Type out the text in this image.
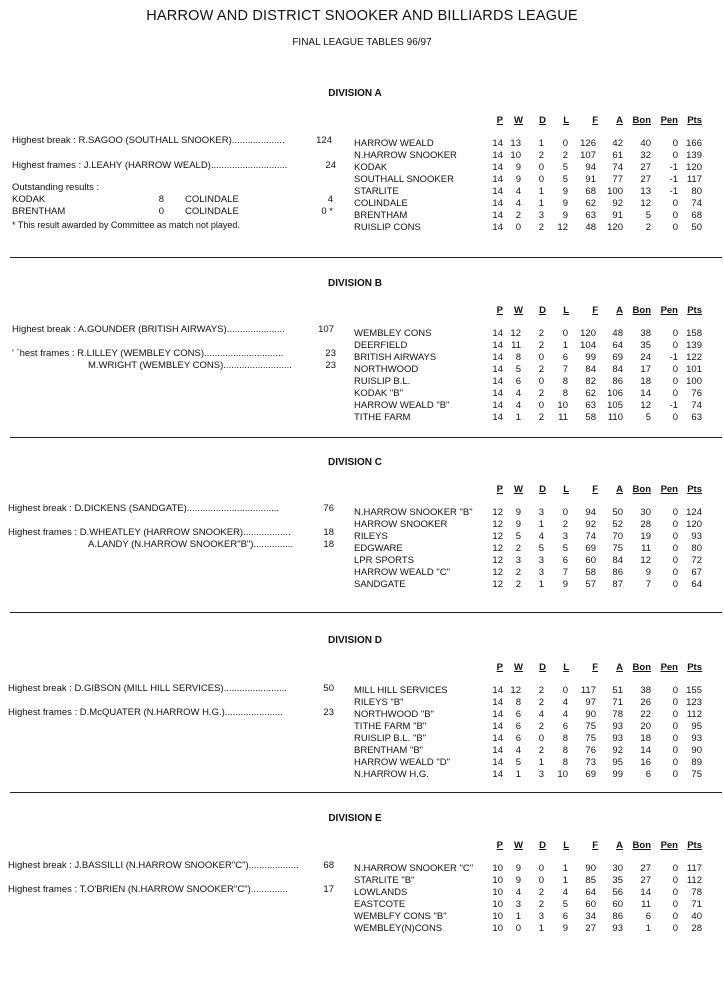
HARROW AND DISTRICT SNOOKER AND BILLIARDS LEAGUE
FINAL LEAGUE TABLES 96/97
DIVISION A
P W D L F A Bon Pen Pts
HARROW WEALD	14 13 1 0 126 42 40 0 166
N.HARROW SNOOKER	14 10 2 2 107 61 32 0 139
KODAK	14 9 0 5 94 74 27 -1 120
SOUTHALL SNOOKER	14 9 0 5 91 77 27 -1 117
STARLITE	14 4 1 9 68 100 13 -1 80
COLINDALE	14 4 1 9 62 92 12 0 74
BRENTHAM	14 2 3 9 63 91 5 0 68
RUISLIP CONS	14 0 2 12 48 120 2 0 50
Highest break : R.SAGOO (SOUTHALL SNOOKER)....................	124
Highest frames : J.LEAHY (HARROW WEALD).............................	24
Outstanding results :
KODAK	8 COLINDALE	4
BRENTHAM	0 COLINDALE	0 *
* This result awarded by Committee as match not played.
DIVISION B
P W D L F A Bon Pen Pts
WEMBLEY CONS	14 12 2 0 120 48 38 0 158
DEERFIELD	14 11 2 1 104 64 35 0 139
BRITISH AIRWAYS	14 8 0 6 99 69 24 -1 122
NORTHWOOD	14 5 2 7 84 84 17 0 101
RUISLIP B.L.	14 6 0 8 82 86 18 0 100
KODAK "B"	14 4 2 8 62 106 14 0 76
HARROW WEALD "B"	14 4 0 10 63 105 12 -1 74
TITHE FARM	14 1 2 11 58 110 5 0 63
Highest break : A.GOUNDER (BRITISH AIRWAYS)......................	107
' ´hest frames : R.LILLEY (WEMBLEY CONS)..............................	23
M.WRIGHT (WEMBLEY CONS)..........................	23
DIVISION C
P W D L F A Bon Pen Pts
N.HARROW SNOOKER "B" 12 9 3 0 94 50 30 0 124
HARROW SNOOKER	12 9 1 2 92 52 28 0 120
RILEYS	12 5 4 3 74 70 19 0 93
EDGWARE	12 2 5 5 69 75 11 0 80
LPR SPORTS	12 3 3 6 60 84 12 0 72
HARROW WEALD "C"	12 2 3 7 58 86 9 0 67
SANDGATE	12 2 1 9 57 87 7 0 64
Highest break : D.DICKENS (SANDGATE)...................................	76
Highest frames : D.WHEATLEY (HARROW SNOOKER)..................	18
A.LANDY (N.HARROW SNOOKER"B")...............	18
DIVISION D
P W D L F A Bon Pen Pts
MILL HILL SERVICES	14 12 2 0 117 51 38 0 155
RILEYS "B"	14 8 2 4 97 71 26 0 123
NORTHWOOD "B"	14 6 4 4 90 78 22 0 112
TITHE FARM "B"	14 6 2 6 75 93 20 0 95
RUISLIP B.L. "B"	14 6 0 8 75 93 18 0 93
BRENTHAM "B"	14 4 2 8 76 92 14 0 90
HARROW WEALD "D"	14 5 1 8 73 95 16 0 89
N.HARROW H.G.	14 1 3 10 69 99 6 0 75
Highest break : D.GIBSON (MILL HILL SERVICES)........................	50
Highest frames : D.McQUATER (N.HARROW H.G.)......................	23
DIVISION E
P W D L F A Bon Pen Pts
N.HARROW SNOOKER "C" 10 9 0 1 90 30 27 0 117
STARLITE "B"	10 9 0 1 85 35 27 0 112
LOWLANDS	10 4 2 4 64 56 14 0 78
EASTCOTE	10 3 2 5 60 60 11 0 71
WEMBLFY CONS "B"	10 1 3 6 34 86 6 0 40
WEMBLEY(N)CONS	10 0 1 9 27 93 1 0 28
Highest break : J.BASSILLI (N.HARROW SNOOKER"C")...................	68
Highest frames : T.O'BRIEN (N.HARROW SNOOKER"C")..............	17
